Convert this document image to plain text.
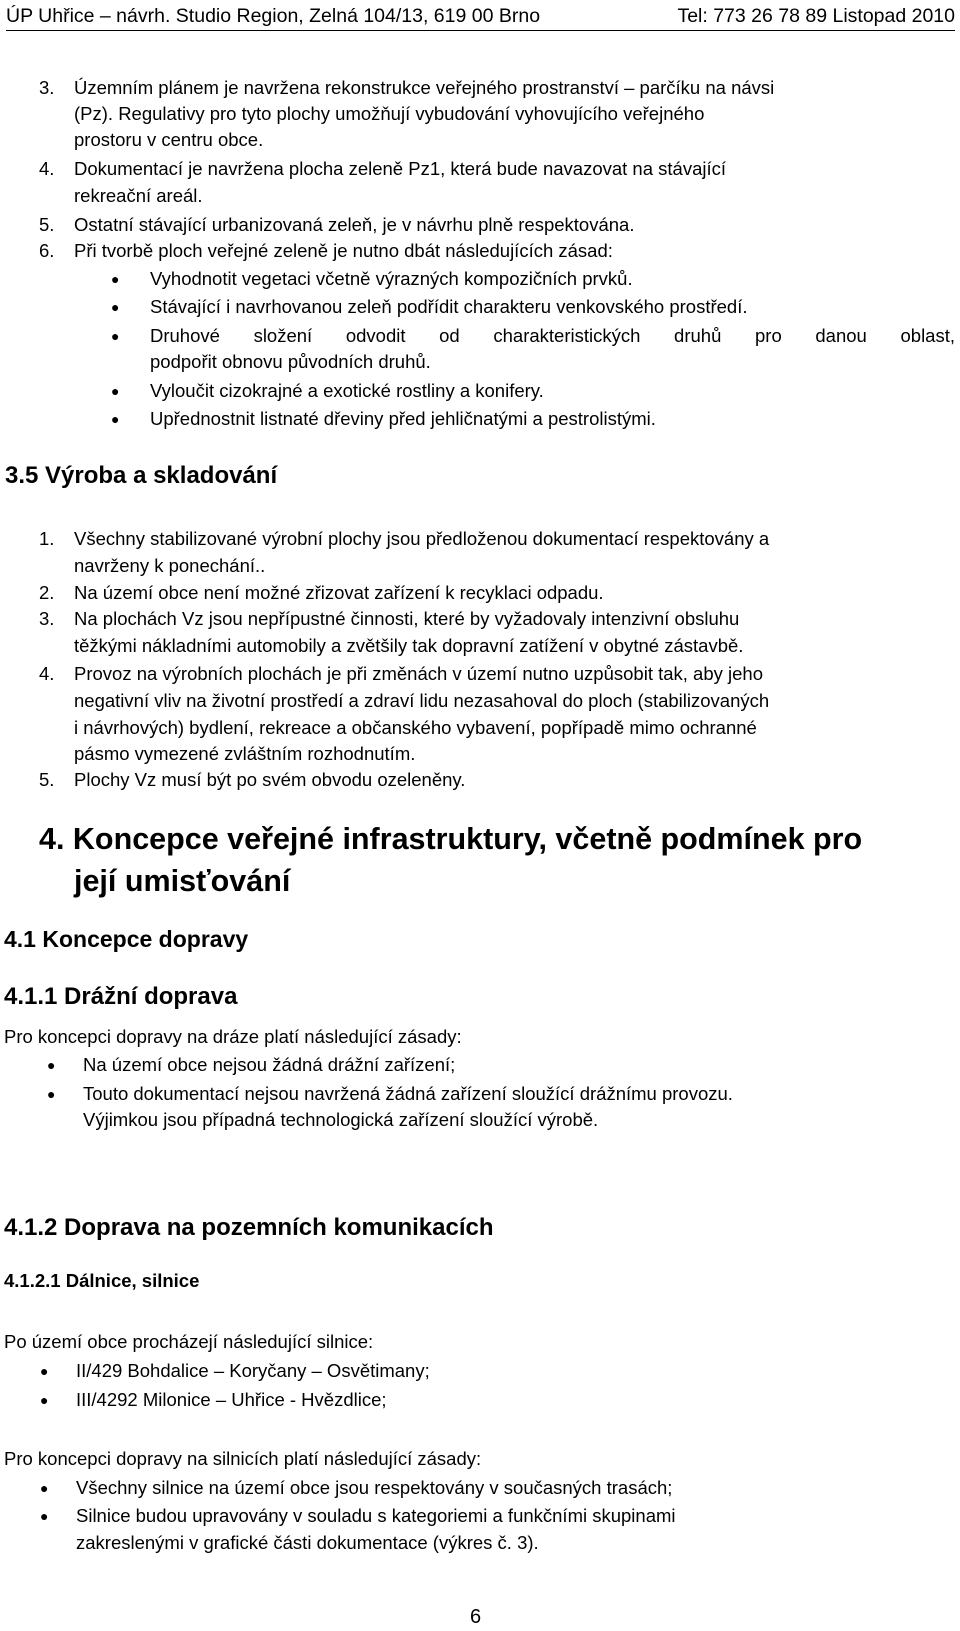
ÚP Uhřice – návrh. Studio Region, Zelná 104/13, 619 00 Brno	Tel: 773 26 78 89 Listopad 2010
3. Územním plánem je navržena rekonstrukce veřejného prostranství – parčíku na návsi
(Pz). Regulativy pro tyto plochy umožňují vybudování vyhovujícího veřejného
prostoru v centru obce.
4. Dokumentací je navržena plocha zeleně Pz1, která bude navazovat na stávající
rekreační areál.
5. Ostatní stávající urbanizovaná zeleň, je v návrhu plně respektována.
6. Při tvorbě ploch veřejné zeleně je nutno dbát následujících zásad:
● Vyhodnotit vegetaci včetně výrazných kompozičních prvků.
● Stávající i navrhovanou zeleň podřídit charakteru venkovského prostředí.
● Druhové složení odvodit od charakteristických druhů pro danou oblast,
podpořit obnovu původních druhů.
● Vyloučit cizokrajné a exotické rostliny a konifery.
● Upřednostnit listnaté dřeviny před jehličnatými a pestrolistými.
3.5 Výroba a skladování
1. Všechny stabilizované výrobní plochy jsou předloženou dokumentací respektovány a
navrženy k ponechání..
2. Na území obce není možné zřizovat zařízení k recyklaci odpadu.
3. Na plochách Vz jsou nepřípustné činnosti, které by vyžadovaly intenzivní obsluhu
těžkými nákladními automobily a zvětšily tak dopravní zatížení v obytné zástavbě.
4. Provoz na výrobních plochách je při změnách v území nutno uzpůsobit tak, aby jeho
negativní vliv na životní prostředí a zdraví lidu nezasahoval do ploch (stabilizovaných
i návrhových) bydlení, rekreace a občanského vybavení, popřípadě mimo ochranné
pásmo vymezené zvláštním rozhodnutím.
5. Plochy Vz musí být po svém obvodu ozeleněny.
4. Koncepce veřejné infrastruktury, včetně podmínek pro
její umisťování
4.1 Koncepce dopravy
4.1.1 Drážní doprava
Pro koncepci dopravy na dráze platí následující zásady:
● Na území obce nejsou žádná drážní zařízení;
● Touto dokumentací nejsou navržená žádná zařízení sloužící drážnímu provozu.
Výjimkou jsou případná technologická zařízení sloužící výrobě.
4.1.2 Doprava na pozemních komunikacích
4.1.2.1 Dálnice, silnice
Po území obce procházejí následující silnice:
● II/429 Bohdalice – Koryčany – Osvětimany;
● III/4292 Milonice – Uhřice - Hvězdlice;
Pro koncepci dopravy na silnicích platí následující zásady:
● Všechny silnice na území obce jsou respektovány v současných trasách;
● Silnice budou upravovány v souladu s kategoriemi a funkčními skupinami
zakreslenými v grafické části dokumentace (výkres č. 3).
6
